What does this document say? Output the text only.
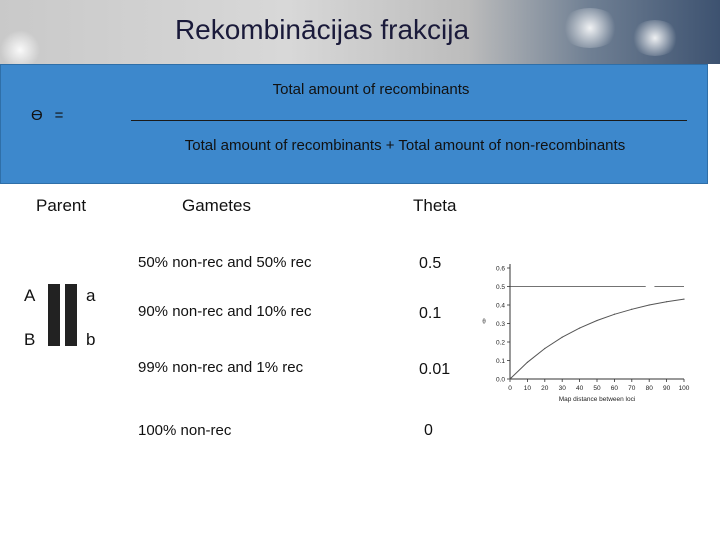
Rekombinācijas frakcija
Total amount of recombinants
ϴ =
Total amount of recombinants + Total amount of non-recombinants
Parent	Gametes	Theta
50% non-rec and 50% rec	0.5
90% non-rec and 10% rec	0.1
99% non-rec and 1% rec	0.01
100% non-rec	0
A
B
a
b
0.0
0.1
0.2
0.3
0.4
0.5
0.6
0 10 20 30 40 50 60 70 80 90 100
Map distance between loci
θ
